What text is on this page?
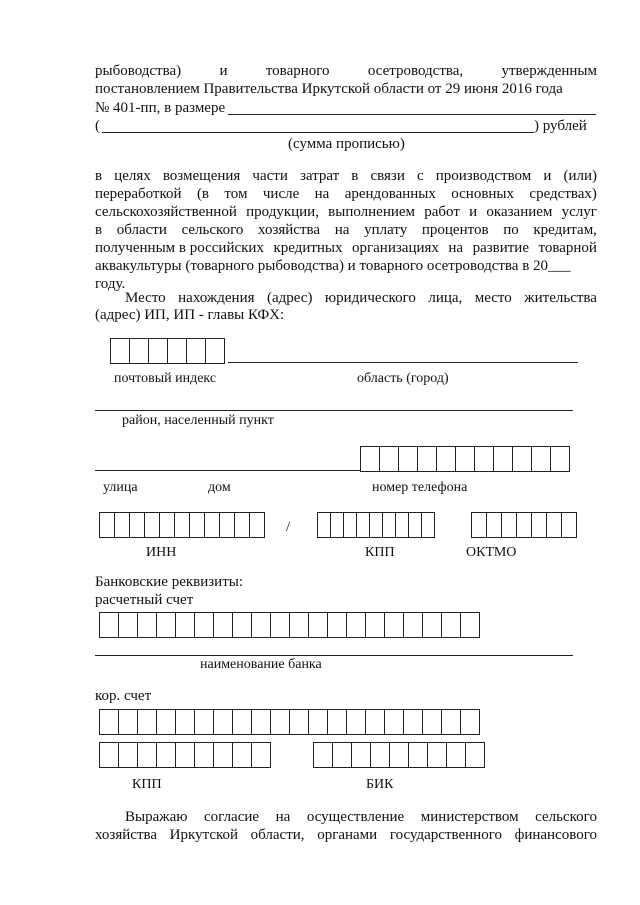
рыбоводства)	и	товарного	осетроводства,	утвержденным
постановлением Правительства Иркутской области от 29 июня 2016 года
№ 401-пп, в размере
(	) рублей
(сумма прописью)
в целях возмещения части затрат в связи с производством и (или)
переработкой (в том числе на арендованных основных средствах)
сельскохозяйственной продукции, выполнением работ и оказанием услуг
в области сельского хозяйства на уплату процентов по кредитам,
полученным в российских кредитных организациях на развитие товарной
аквакультуры (товарного рыбоводства) и товарного осетроводства в 20___
году.
Место нахождения (адрес) юридического лица, место жительства
(адрес) ИП, ИП - главы КФХ:
почтовый индекс	область (город)
район, населенный пункт
улица	дом	номер телефона
/
ИНН	КПП	ОКТМО
Банковские реквизиты:
расчетный счет
наименование банка
кор. счет
КПП	БИК
Выражаю согласие на осуществление министерством сельского
хозяйства Иркутской области, органами государственного финансового
